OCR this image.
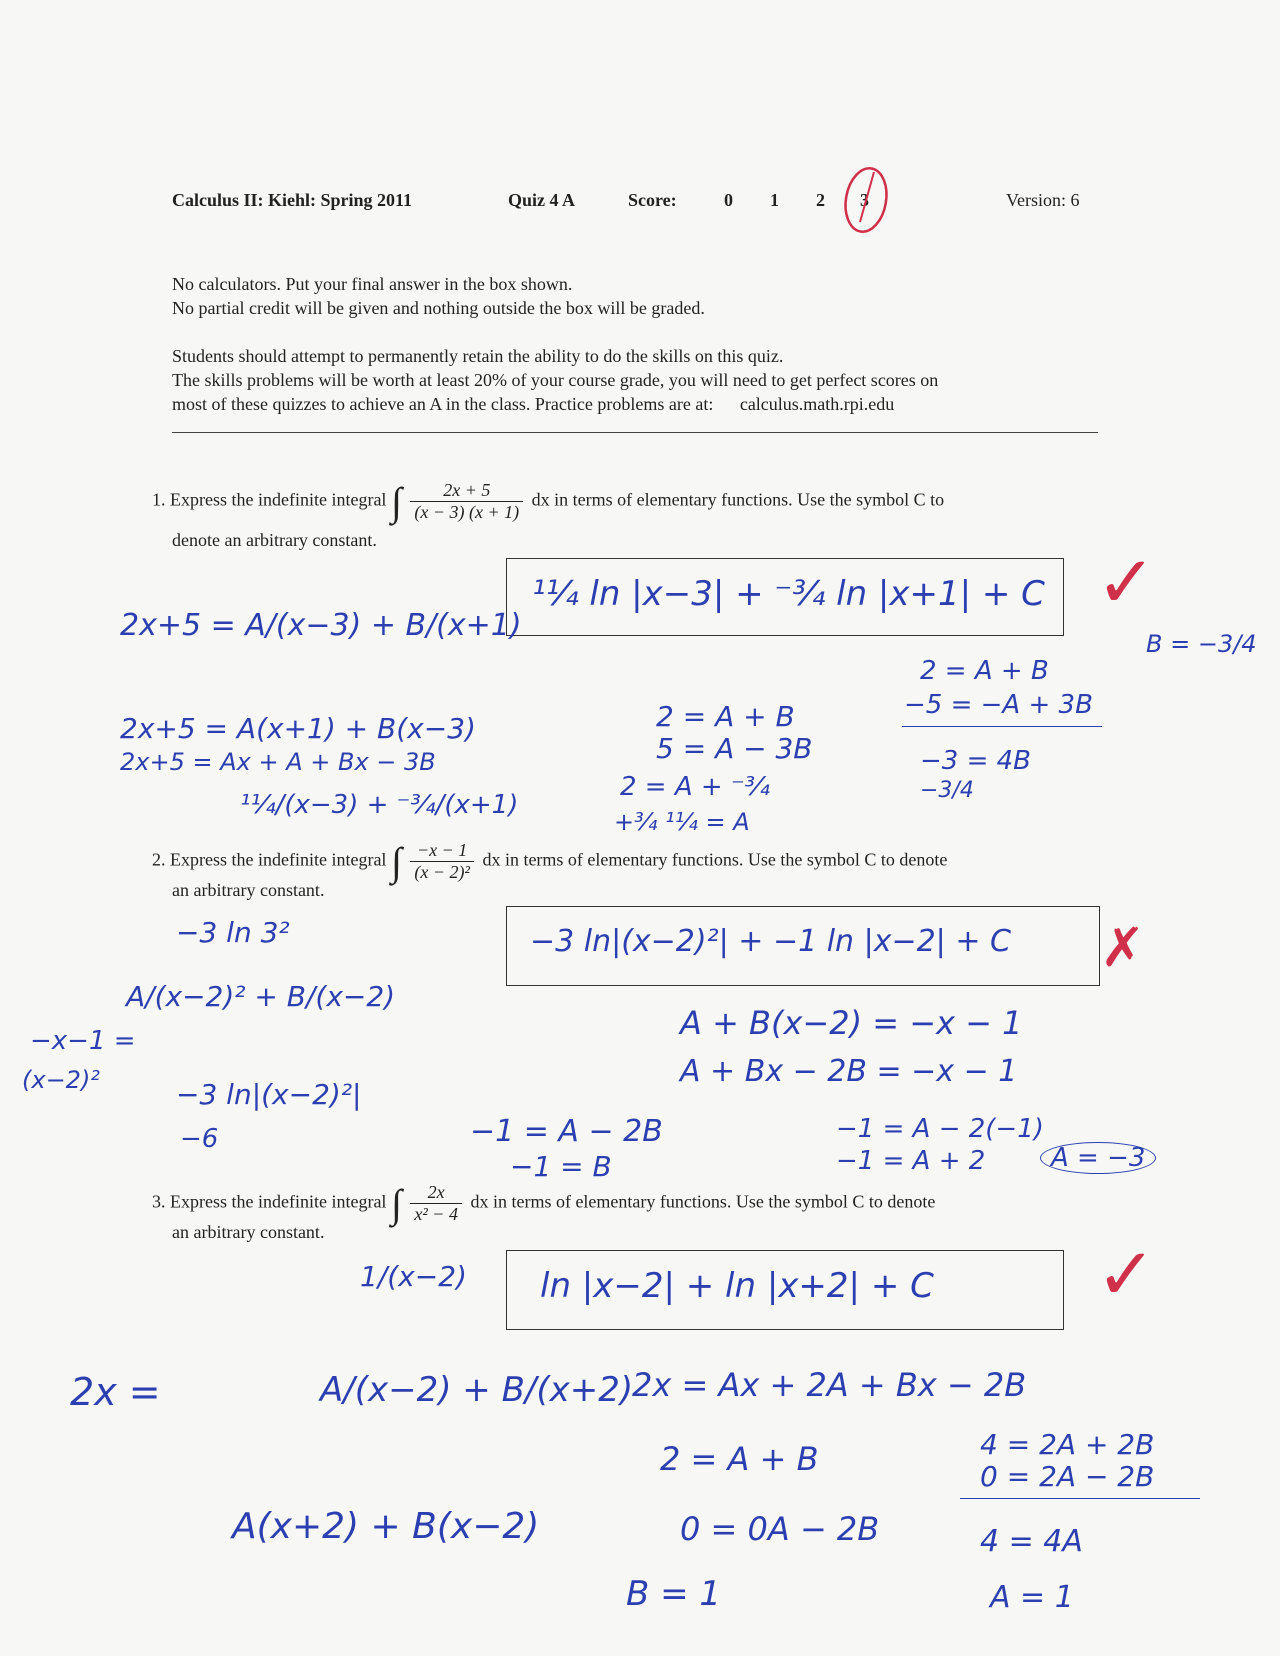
Calculus II: Kiehl: Spring 2011	Quiz 4 A	Score:	0 1 2 3	Version: 6
No calculators. Put your final answer in the box shown.
No partial credit will be given and nothing outside the box will be graded.
Students should attempt to permanently retain the ability to do the skills on this quiz.
The skills problems will be worth at least 20% of your course grade, you will need to get perfect scores on
most of these quizzes to achieve an A in the class. Practice problems are at: calculus.math.rpi.edu
1. Express the indefinite integral ∫ $\frac{2x + 5}{(x - 3) (x + 1)}$ dx in terms of elementary functions. Use the symbol C to
denote an arbitrary constant.
¹¹⁄₄ ln |x−3| + ⁻³⁄₄ ln |x+1| + C ✓
2x+5 = A/(x−3) + B/(x+1)
2x+5 = A(x+1) + B(x−3)
2x+5 = Ax + A + Bx − 3B
¹¹⁄₄/(x−3) + ⁻³⁄₄/(x+1)
2 = A + B
5 = A − 3B
2 = A + ⁻³⁄₄
+³⁄₄ ¹¹⁄₄ = A
2 = A + B
−5 = −A + 3B
−3 = 4B
−3/4
B = −3/4
2. Express the indefinite integral ∫ $\frac{-x - 1}{\text{(x − 2)²}}$ dx in terms of elementary functions. Use the symbol C to denote
an arbitrary constant.
−3 ln|(x−2)²| + −1 ln |x−2| + C ✗
−3 ln 3²
A/(x−2)² + B/(x−2)
−x−1 =
(x−2)²	−3 ln|(x−2)²|
−6
A + B(x−2) = −x − 1
A + Bx − 2B = −x − 1
−1 = A − 2B
−1 = B
−1 = A − 2(−1)
−1 = A + 2	A = −3
3. Express the indefinite integral ∫ $\frac{2x}{\text{x² − 4}}$ dx in terms of elementary functions. Use the symbol C to denote
an arbitrary constant.
ln |x−2| + ln |x+2| + C ✓
1/(x−2)
2x =	A/(x−2) + B/(x+2)
2x = Ax + 2A + Bx − 2B
2 = A + B	4 = 2A + 2B
0 = 2A − 2B
A(x+2) + B(x−2)	0 = 0A − 2B	4 = 4A
B = 1	A = 1
